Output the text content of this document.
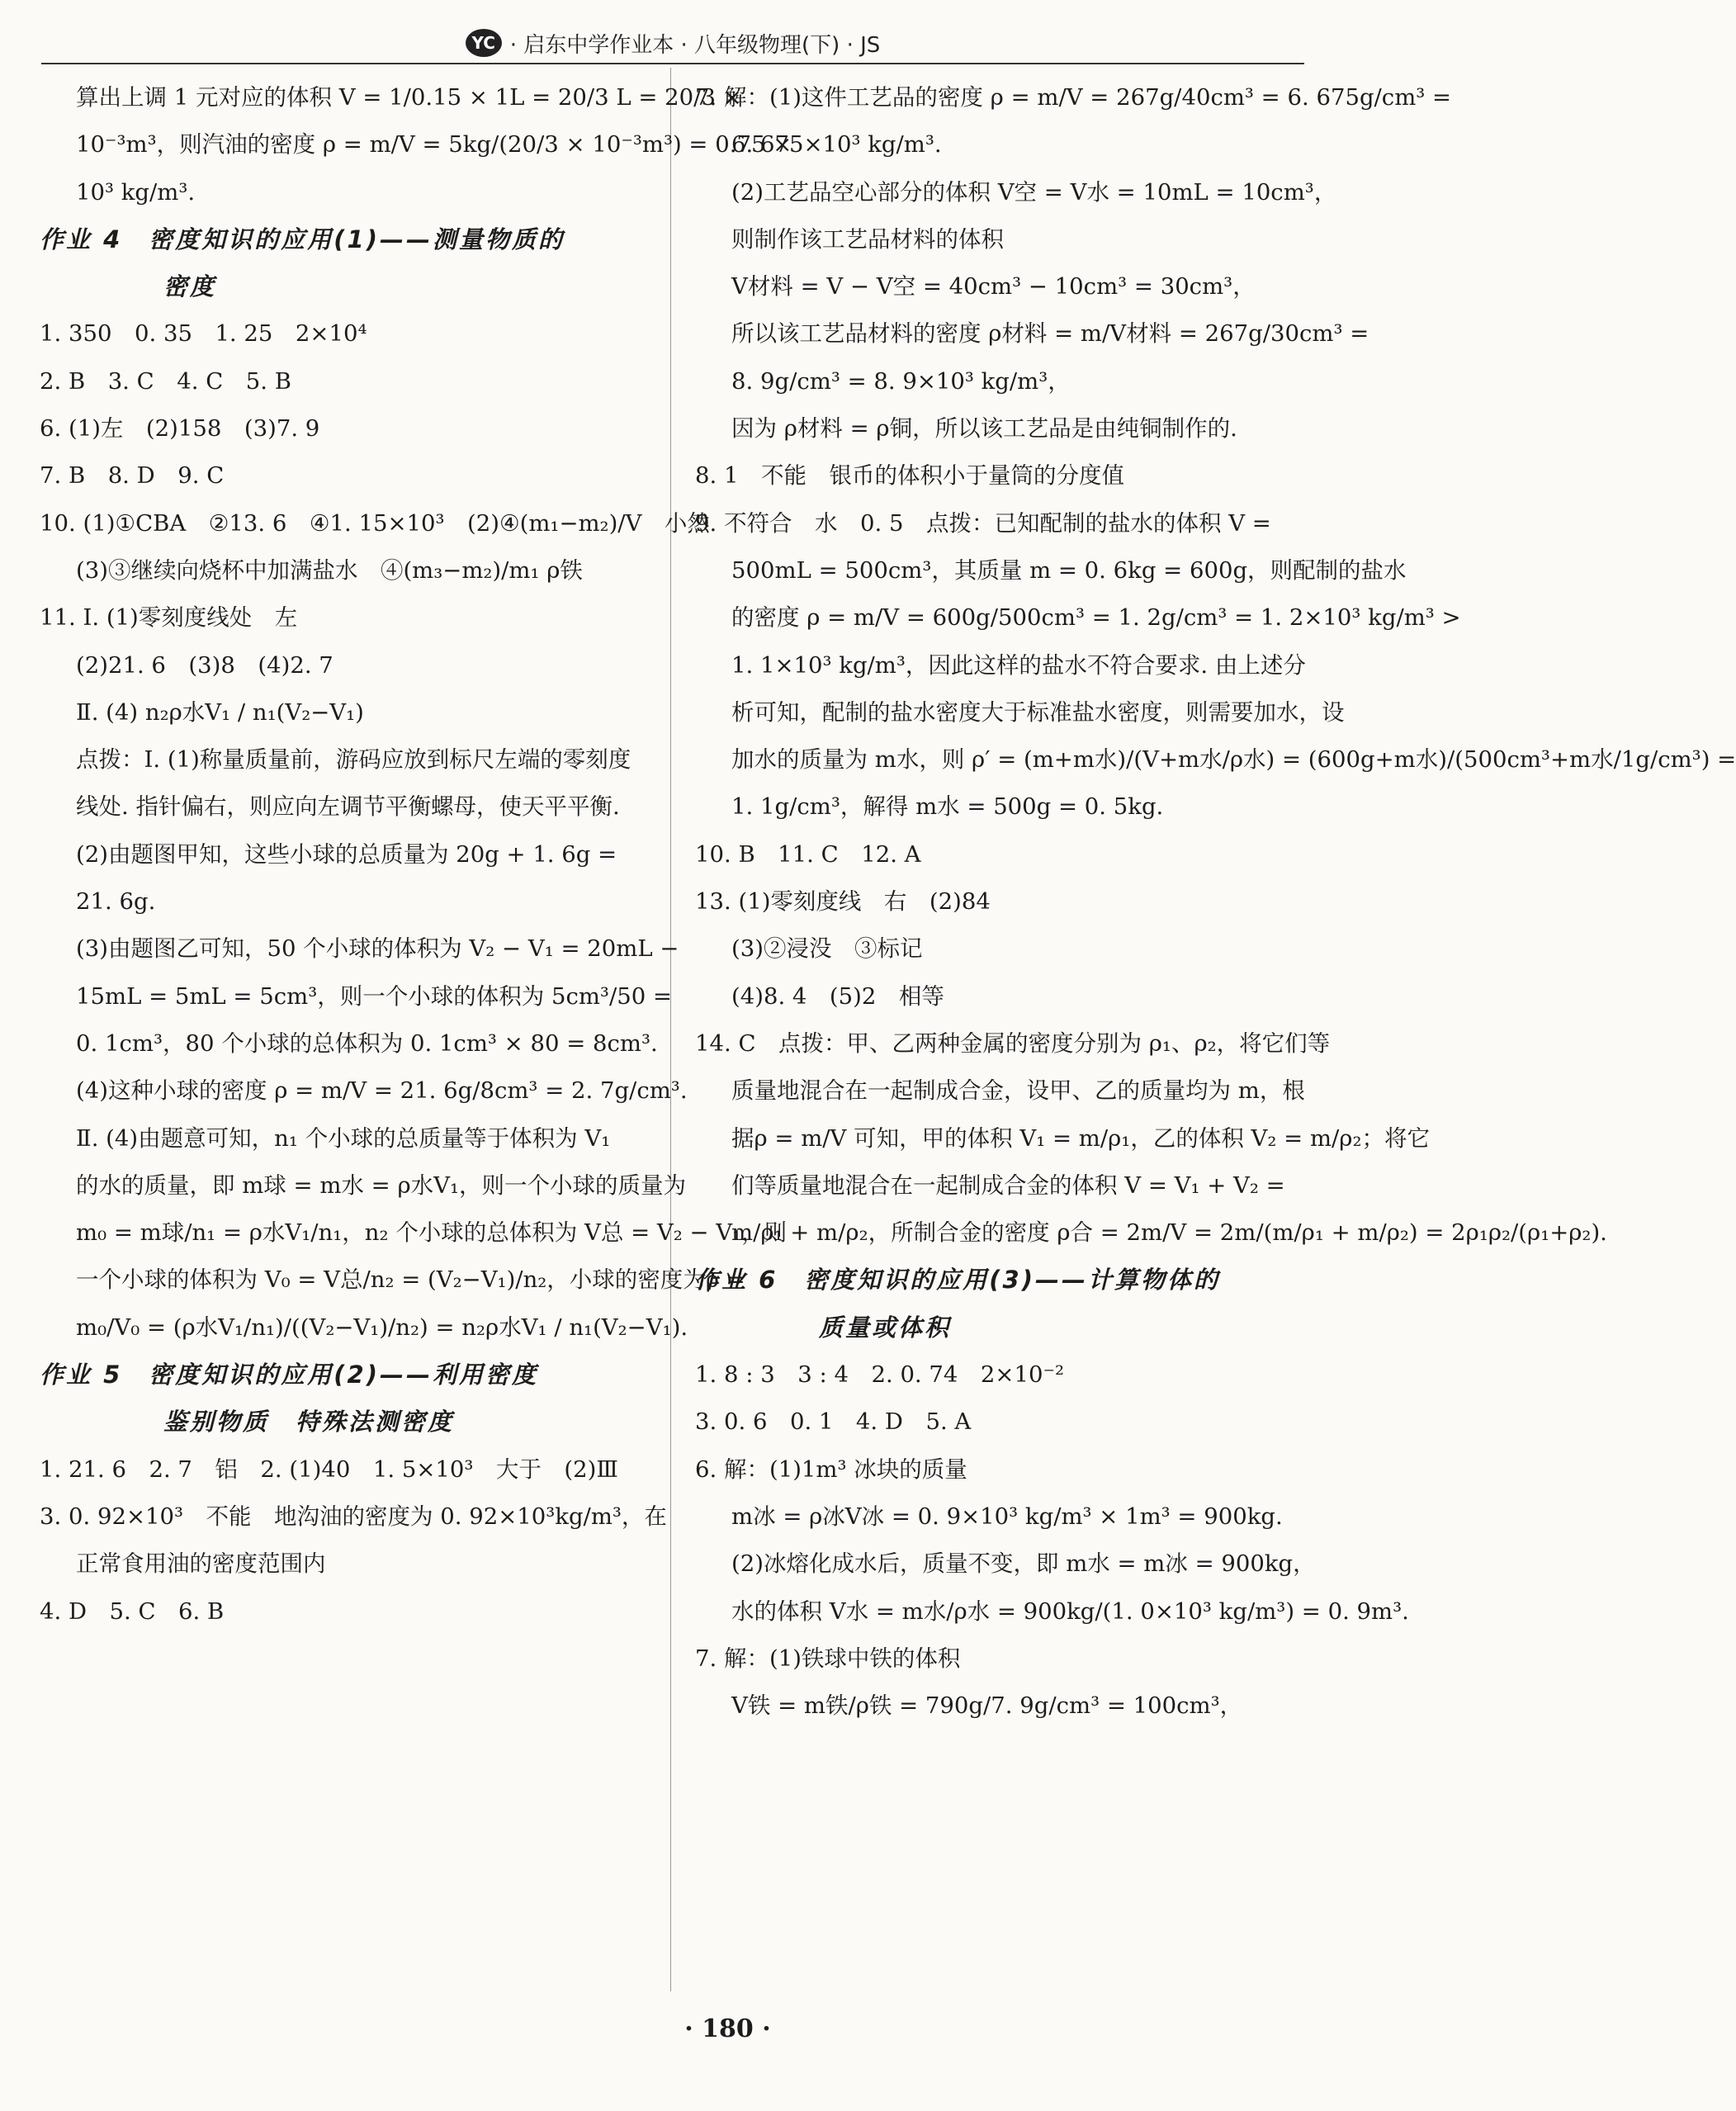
YC · 启东中学作业本 · 八年级物理(下) · JS
算出上调 1 元对应的体积 V = 1/0.15 × 1L = 20/3 L = 20/3 ×
10⁻³m³，则汽油的密度 ρ = m/V = 5kg/(20/3 × 10⁻³m³) = 0.75 ×
10³ kg/m³.
作业 4　密度知识的应用(1)——测量物质的
密度
1. 350　0. 35　1. 25　2×10⁴
2. B　3. C　4. C　5. B
6. (1)左　(2)158　(3)7. 9
7. B　8. D　9. C
10. (1)①CBA　②13. 6　④1. 15×10³　(2)④(m₁−m₂)/V　小然
(3)③继续向烧杯中加满盐水　④(m₃−m₂)/m₁ ρ铁
11. Ⅰ. (1)零刻度线处　左
(2)21. 6　(3)8　(4)2. 7
Ⅱ. (4) n₂ρ水V₁ / n₁(V₂−V₁)
点拨：Ⅰ. (1)称量质量前，游码应放到标尺左端的零刻度
线处. 指针偏右，则应向左调节平衡螺母，使天平平衡.
(2)由题图甲知，这些小球的总质量为 20g + 1. 6g =
21. 6g.
(3)由题图乙可知，50 个小球的体积为 V₂ − V₁ = 20mL −
15mL = 5mL = 5cm³，则一个小球的体积为 5cm³/50 =
0. 1cm³，80 个小球的总体积为 0. 1cm³ × 80 = 8cm³.
(4)这种小球的密度 ρ = m/V = 21. 6g/8cm³ = 2. 7g/cm³.
Ⅱ. (4)由题意可知，n₁ 个小球的总质量等于体积为 V₁
的水的质量，即 m球 = m水 = ρ水V₁，则一个小球的质量为
m₀ = m球/n₁ = ρ水V₁/n₁，n₂ 个小球的总体积为 V总 = V₂ − V₁，则
一个小球的体积为 V₀ = V总/n₂ = (V₂−V₁)/n₂，小球的密度为ρ =
m₀/V₀ = (ρ水V₁/n₁)/((V₂−V₁)/n₂) = n₂ρ水V₁ / n₁(V₂−V₁).
作业 5　密度知识的应用(2)——利用密度
鉴别物质　特殊法测密度
1. 21. 6　2. 7　铝　2. (1)40　1. 5×10³　大于　(2)Ⅲ
3. 0. 92×10³　不能　地沟油的密度为 0. 92×10³kg/m³，在
正常食用油的密度范围内
4. D　5. C　6. B
7. 解：(1)这件工艺品的密度 ρ = m/V = 267g/40cm³ = 6. 675g/cm³ =
6. 675×10³ kg/m³.
(2)工艺品空心部分的体积 V空 = V水 = 10mL = 10cm³，
则制作该工艺品材料的体积
V材料 = V − V空 = 40cm³ − 10cm³ = 30cm³，
所以该工艺品材料的密度 ρ材料 = m/V材料 = 267g/30cm³ =
8. 9g/cm³ = 8. 9×10³ kg/m³，
因为 ρ材料 = ρ铜，所以该工艺品是由纯铜制作的.
8. 1　不能　银币的体积小于量筒的分度值
9. 不符合　水　0. 5　点拨：已知配制的盐水的体积 V =
500mL = 500cm³，其质量 m = 0. 6kg = 600g，则配制的盐水
的密度 ρ = m/V = 600g/500cm³ = 1. 2g/cm³ = 1. 2×10³ kg/m³ >
1. 1×10³ kg/m³，因此这样的盐水不符合要求. 由上述分
析可知，配制的盐水密度大于标准盐水密度，则需要加水，设
加水的质量为 m水，则 ρ′ = (m+m水)/(V+m水/ρ水) = (600g+m水)/(500cm³+m水/1g/cm³) =
1. 1g/cm³，解得 m水 = 500g = 0. 5kg.
10. B　11. C　12. A
13. (1)零刻度线　右　(2)84
(3)②浸没　③标记
(4)8. 4　(5)2　相等
14. C　点拨：甲、乙两种金属的密度分别为 ρ₁、ρ₂，将它们等
质量地混合在一起制成合金，设甲、乙的质量均为 m，根
据ρ = m/V 可知，甲的体积 V₁ = m/ρ₁，乙的体积 V₂ = m/ρ₂；将它
们等质量地混合在一起制成合金的体积 V = V₁ + V₂ =
m/ρ₁ + m/ρ₂，所制合金的密度 ρ合 = 2m/V = 2m/(m/ρ₁ + m/ρ₂) = 2ρ₁ρ₂/(ρ₁+ρ₂).
作业 6　密度知识的应用(3)——计算物体的
质量或体积
1. 8 : 3　3 : 4　2. 0. 74　2×10⁻²
3. 0. 6　0. 1　4. D　5. A
6. 解：(1)1m³ 冰块的质量
m冰 = ρ冰V冰 = 0. 9×10³ kg/m³ × 1m³ = 900kg.
(2)冰熔化成水后，质量不变，即 m水 = m冰 = 900kg，
水的体积 V水 = m水/ρ水 = 900kg/(1. 0×10³ kg/m³) = 0. 9m³.
7. 解：(1)铁球中铁的体积
V铁 = m铁/ρ铁 = 790g/7. 9g/cm³ = 100cm³，
· 180 ·
